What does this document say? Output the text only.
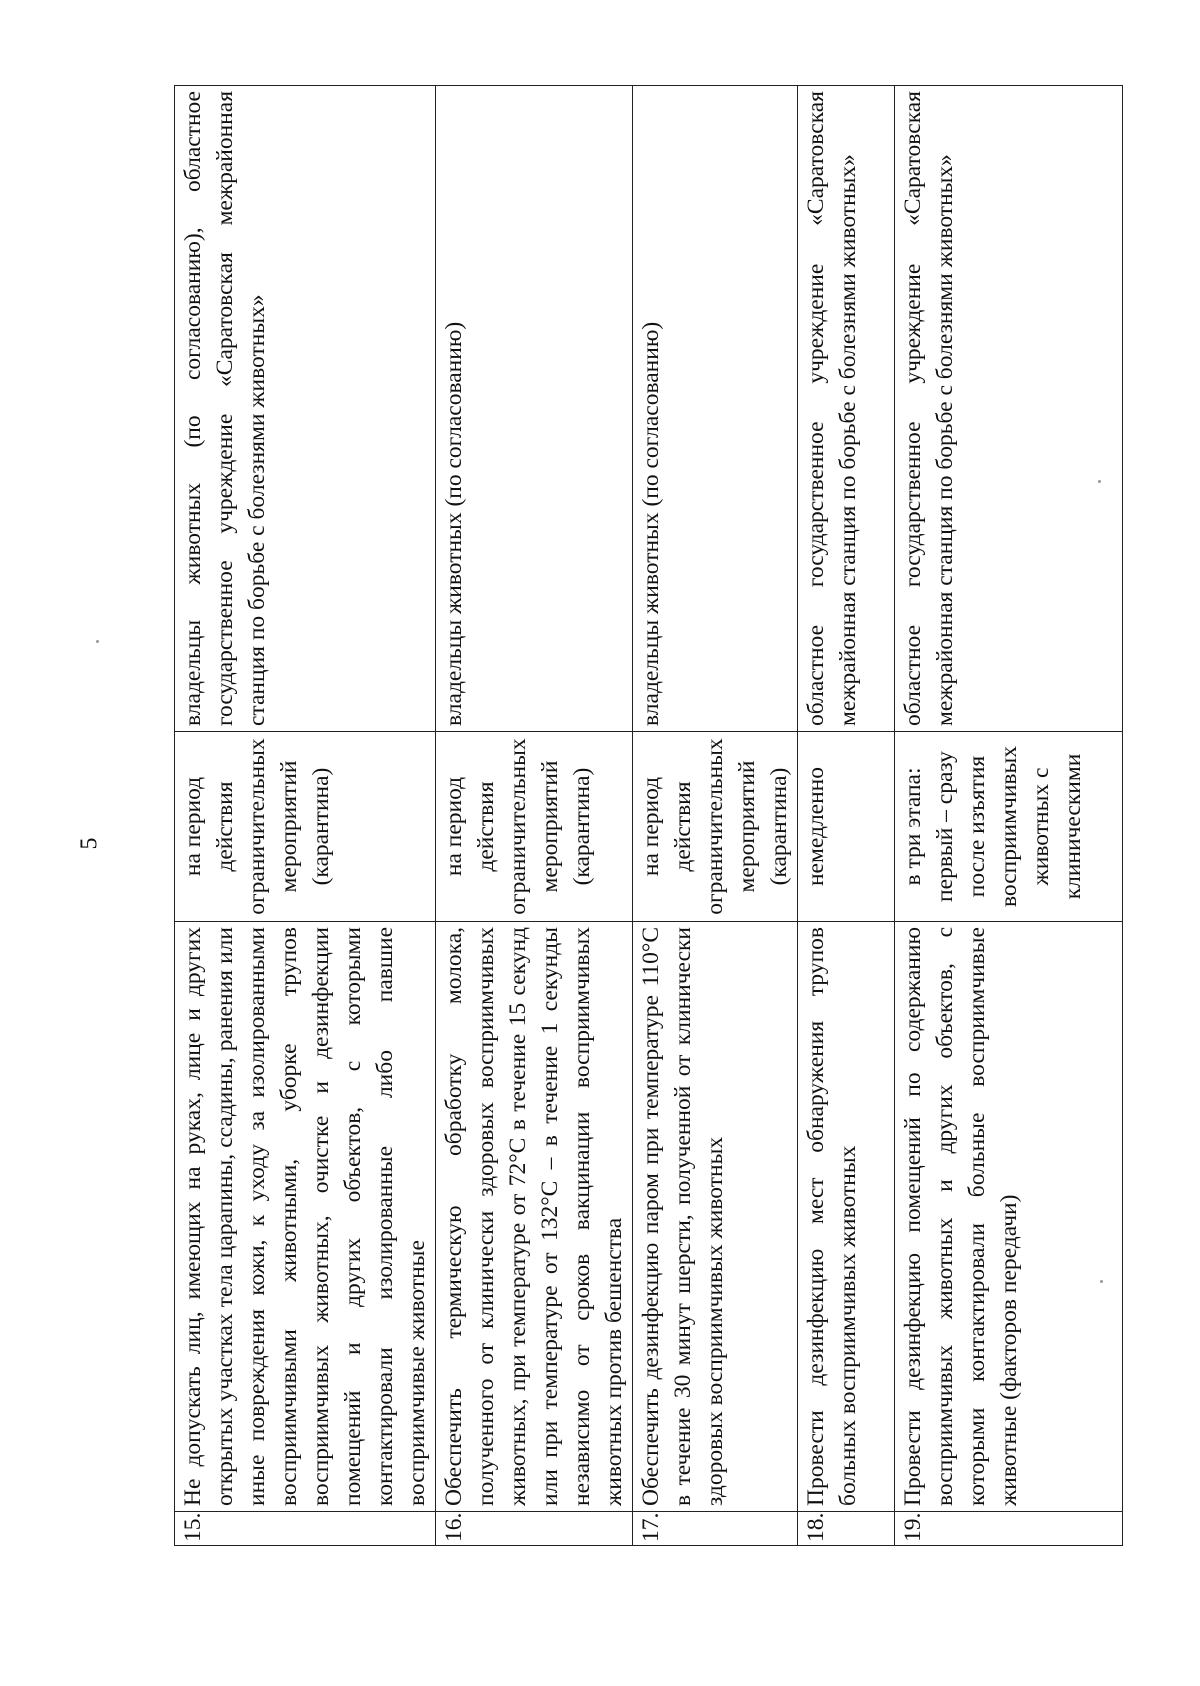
5
15.	Не допускать лиц, имеющих на руках, лице и других открытых участках тела царапины, ссадины, ранения или иные повреждения кожи, к уходу за изолированными восприимчивыми животными, уборке трупов восприимчивых животных, очистке и дезинфекции помещений и других объектов, с которыми контактировали изолированные либо павшие восприимчивые животные	на период действия ограничительных мероприятий (карантина)	владельцы животных (по согласованию), областное государственное учреждение «Саратовская межрайонная станция по борьбе с болезнями животных»
16.	Обеспечить термическую обработку молока, полученного от клинически здоровых восприимчивых животных, при температуре от 72°С в течение 15 секунд или при температуре от 132°С – в течение 1 секунды независимо от сроков вакцинации восприимчивых животных против бешенства	на период действия ограничительных мероприятий (карантина)	владельцы животных (по согласованию)
17.	Обеспечить дезинфекцию паром при температуре 110°С в течение 30 минут шерсти, полученной от клинически здоровых восприимчивых животных	на период действия ограничительных мероприятий (карантина)	владельцы животных (по согласованию)
18.	Провести дезинфекцию мест обнаружения трупов больных восприимчивых животных	немедленно	областное государственное учреждение «Саратовская межрайонная станция по борьбе с болезнями животных»
19.	Провести дезинфекцию помещений по содержанию восприимчивых животных и других объектов, с которыми контактировали больные восприимчивые животные (факторов передачи)	в три этапа: первый – сразу после изъятия восприимчивых животных с клиническими	областное государственное учреждение «Саратовская межрайонная станция по борьбе с болезнями животных»
